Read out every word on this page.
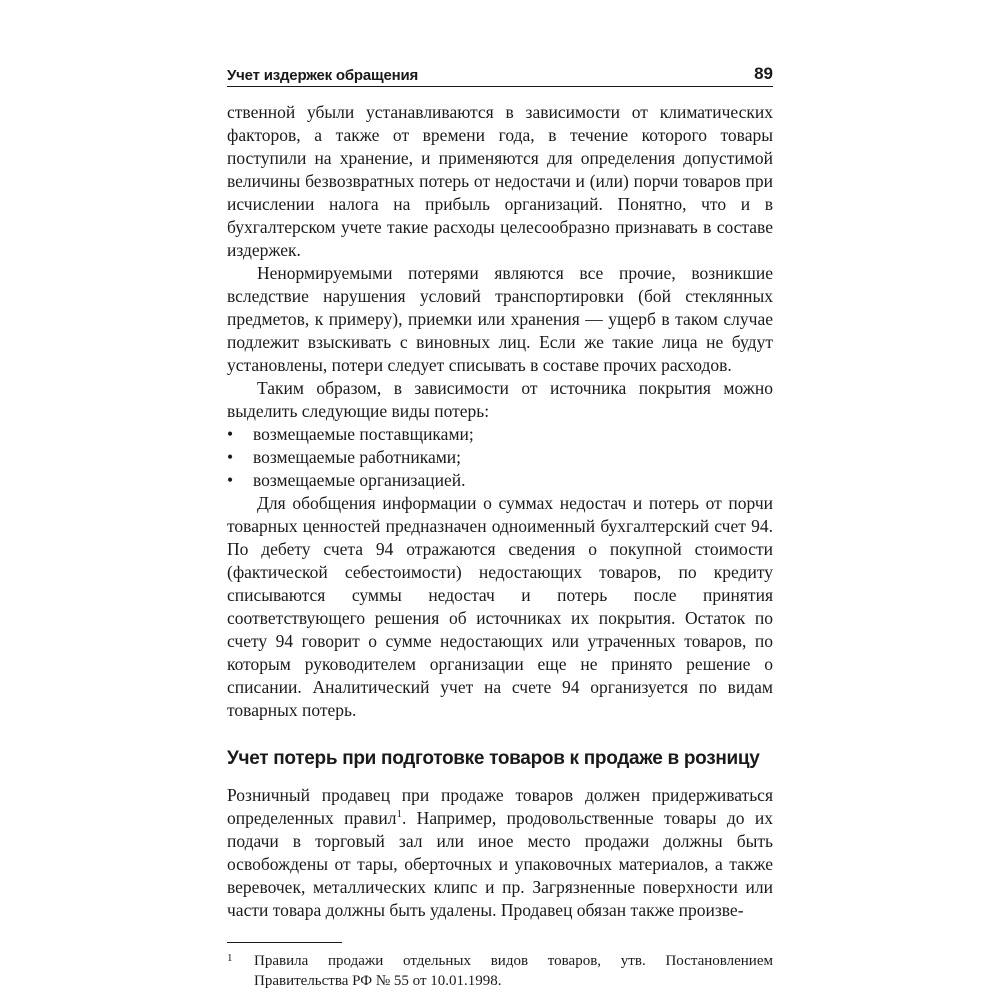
Учет издержек обращения	89

ственной убыли устанавливаются в зависимости от климатических факторов, а также от времени года, в течение которого товары поступили на хранение, и применяются для определения допустимой величины безвозвратных потерь от недостачи и (или) порчи товаров при исчислении налога на прибыль организаций. Понятно, что и в бухгалтерском учете такие расходы целесообразно признавать в составе издержек.

Ненормируемыми потерями являются все прочие, возникшие вследствие нарушения условий транспортировки (бой стеклянных предметов, к примеру), приемки или хранения — ущерб в таком случае подлежит взыскивать с виновных лиц. Если же такие лица не будут установлены, потери следует списывать в составе прочих расходов.

Таким образом, в зависимости от источника покрытия можно выделить следующие виды потерь:

• возмещаемые поставщиками;
• возмещаемые работниками;
• возмещаемые организацией.

Для обобщения информации о суммах недостач и потерь от порчи товарных ценностей предназначен одноименный бухгалтерский счет 94. По дебету счета 94 отражаются сведения о покупной стоимости (фактической себестоимости) недостающих товаров, по кредиту списываются суммы недостач и потерь после принятия соответствующего решения об источниках их покрытия. Остаток по счету 94 говорит о сумме недостающих или утраченных товаров, по которым руководителем организации еще не принято решение о списании. Аналитический учет на счете 94 организуется по видам товарных потерь.

Учет потерь при подготовке товаров к продаже в розницу

Розничный продавец при продаже товаров должен придерживаться определенных правил$^1$. Например, продовольственные товары до их подачи в торговый зал или иное место продажи должны быть освобождены от тары, оберточных и упаковочных материалов, а также веревочек, металлических клипс и пр. Загрязненные поверхности или части товара должны быть удалены. Продавец обязан также произве-

1 Правила продажи отдельных видов товаров, утв. Постановлением Правительства РФ № 55 от 10.01.1998.
